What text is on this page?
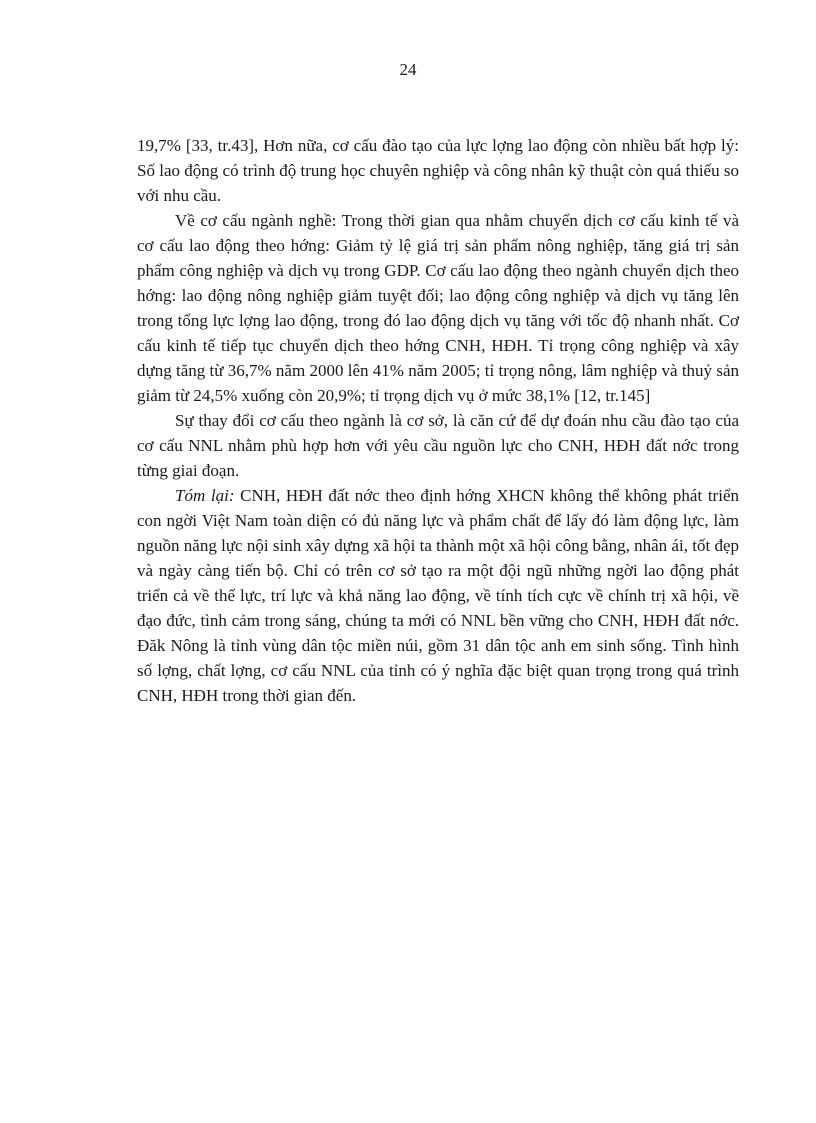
24

19,7% [33, tr.43], Hơn nữa, cơ cấu đào tạo của lực lợng lao động còn nhiều bất hợp lý: Số lao động có trình độ trung học chuyên nghiệp và công nhân kỹ thuật còn quá thiếu so với nhu cầu.

Về cơ cấu ngành nghề: Trong thời gian qua nhằm chuyển dịch cơ cấu kinh tế và cơ cấu lao động theo hớng: Giảm tỷ lệ giá trị sản phẩm nông nghiệp, tăng giá trị sản phẩm công nghiệp và dịch vụ trong GDP. Cơ cấu lao động theo ngành chuyển dịch theo hớng: lao động nông nghiệp giảm tuyệt đối; lao động công nghiệp và dịch vụ tăng lên trong tổng lực lợng lao động, trong đó lao động dịch vụ tăng với tốc độ nhanh nhất. Cơ cấu kinh tế tiếp tục chuyển dịch theo hớng CNH, HĐH. Tỉ trọng công nghiệp và xây dựng tăng từ 36,7% năm 2000 lên 41% năm 2005; tỉ trọng nông, lâm nghiệp và thuỷ sản giảm từ 24,5% xuống còn 20,9%; tỉ trọng dịch vụ ở mức 38,1% [12, tr.145]

Sự thay đổi cơ cấu theo ngành là cơ sở, là căn cứ để dự đoán nhu cầu đào tạo của cơ cấu NNL nhằm phù hợp hơn với yêu cầu nguồn lực cho CNH, HĐH đất nớc trong từng giai đoạn.

Tóm lại: CNH, HĐH đất nớc theo định hớng XHCN không thể không phát triển con ngời Việt Nam toàn diện có đủ năng lực và phẩm chất để lấy đó làm động lực, làm nguồn năng lực nội sinh xây dựng xã hội ta thành một xã hội công bằng, nhân ái, tốt đẹp và ngày càng tiến bộ. Chỉ có trên cơ sở tạo ra một đội ngũ những ngời lao động phát triển cả về thể lực, trí lực và khả năng lao động, về tính tích cực về chính trị xã hội, về đạo đức, tình cảm trong sáng, chúng ta mới có NNL bền vững cho CNH, HĐH đất nớc. Đăk Nông là tỉnh vùng dân tộc miền núi, gồm 31 dân tộc anh em sinh sống. Tình hình số lợng, chất lợng, cơ cấu NNL của tỉnh có ý nghĩa đặc biệt quan trọng trong quá trình CNH, HĐH trong thời gian đến.
